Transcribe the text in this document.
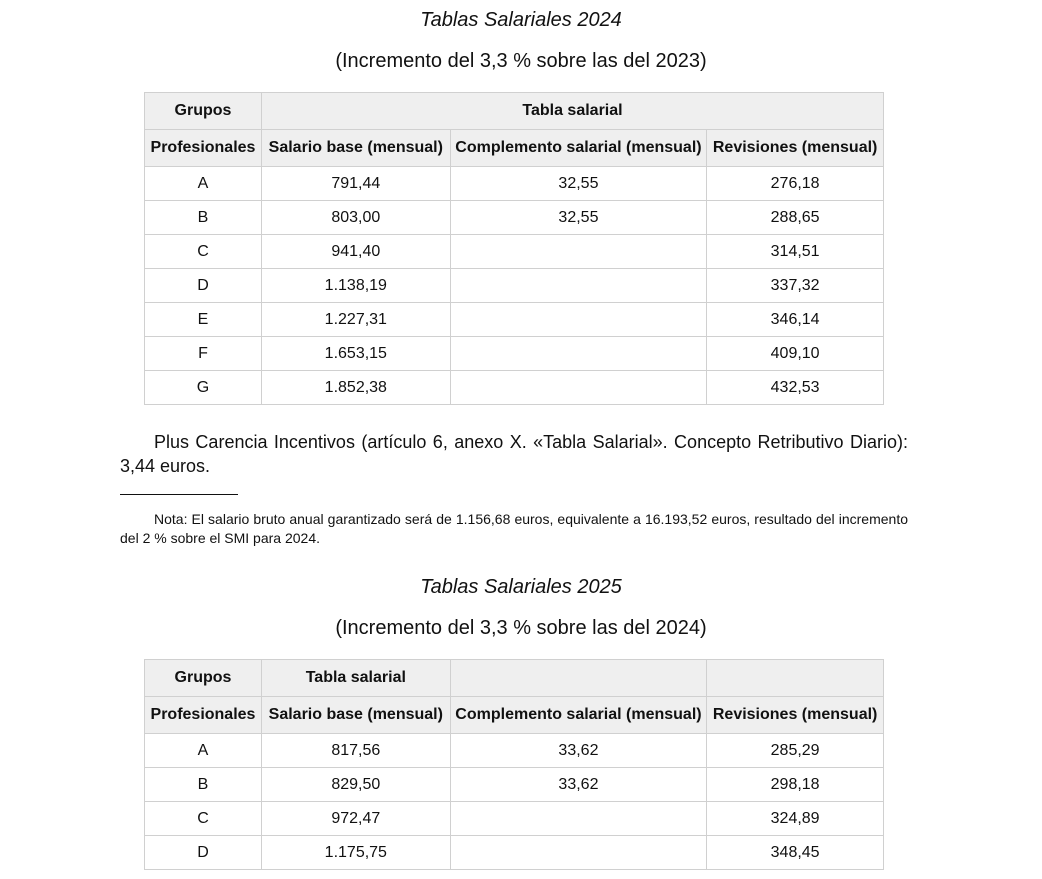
Tablas Salariales 2024
(Incremento del 3,3 % sobre las del 2023)
Grupos	Tabla salarial		
Profesionales	Salario base (mensual)	Complemento salarial (mensual)	Revisiones (mensual)
A	791,44	32,55	276,18
B	803,00	32,55	288,65
C	941,40		314,51
D	1.138,19		337,32
E	1.227,31		346,14
F	1.653,15		409,10
G	1.852,38		432,53
Plus Carencia Incentivos (artículo 6, anexo X. «Tabla Salarial». Concepto Retributivo Diario): 3,44 euros.
Nota: El salario bruto anual garantizado será de 1.156,68 euros, equivalente a 16.193,52 euros, resultado del incremento del 2 % sobre el SMI para 2024.
Tablas Salariales 2025
(Incremento del 3,3 % sobre las del 2024)
Grupos	Tabla salarial		
Profesionales	Salario base (mensual)	Complemento salarial (mensual)	Revisiones (mensual)
A	817,56	33,62	285,29
B	829,50	33,62	298,18
C	972,47		324,89
D	1.175,75		348,45
